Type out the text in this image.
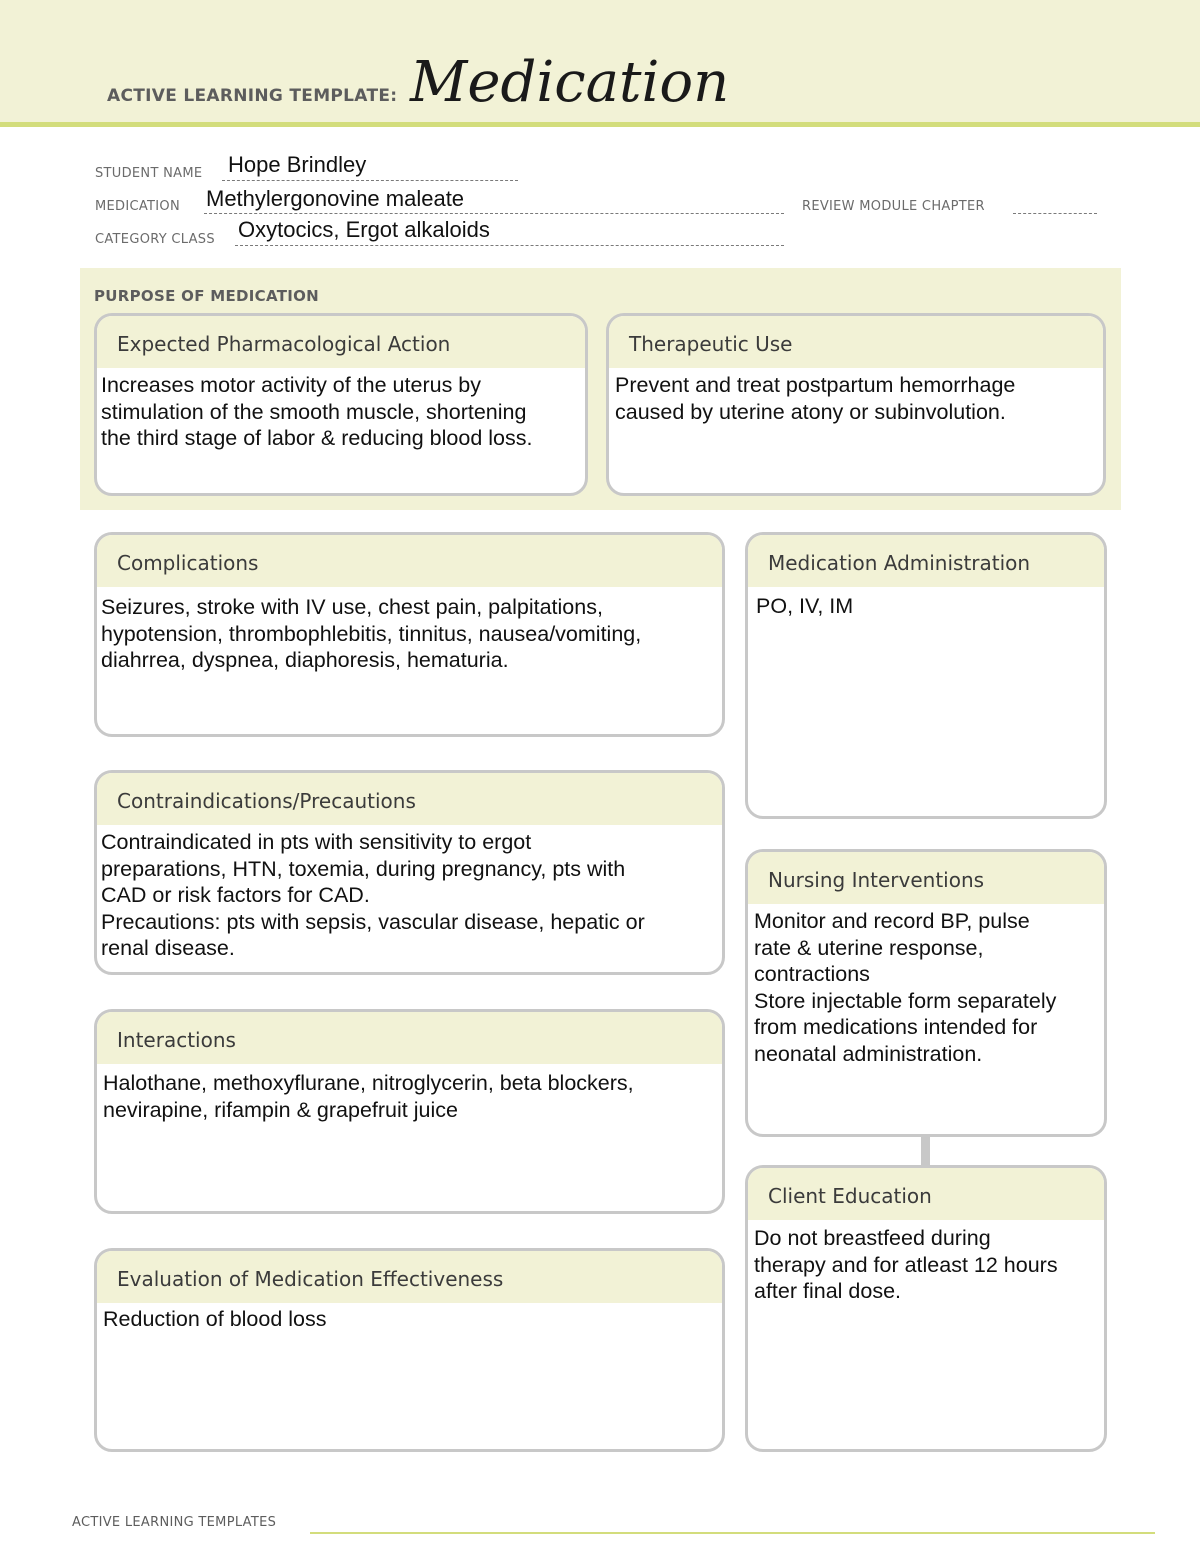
ACTIVE LEARNING TEMPLATE: Medication
STUDENT NAME Hope Brindley
MEDICATION Methylergonovine maleate	REVIEW MODULE CHAPTER
CATEGORY CLASS Oxytocics, Ergot alkaloids
PURPOSE OF MEDICATION
Expected Pharmacological Action

Increases motor activity of the uterus by

stimulation of the smooth muscle, shortening

the third stage of labor & reducing blood loss.

Therapeutic Use

Prevent and treat postpartum hemorrhage

caused by uterine atony or subinvolution.

Complications

Seizures, stroke with IV use, chest pain, palpitations,

hypotension, thrombophlebitis, tinnitus, nausea/vomiting,

diahrrea, dyspnea, diaphoresis, hematuria.

Medication Administration

PO, IV, IM

Contraindications/Precautions

Contraindicated in pts with sensitivity to ergot

preparations, HTN, toxemia, during pregnancy, pts with

CAD or risk factors for CAD.

Precautions: pts with sepsis, vascular disease, hepatic or

renal disease.

Nursing Interventions

Monitor and record BP, pulse

rate & uterine response,

contractions

Store injectable form separately

from medications intended for

neonatal administration.

Interactions

Halothane, methoxyflurane, nitroglycerin, beta blockers,

nevirapine, rifampin & grapefruit juice

Client Education

Do not breastfeed during

therapy and for atleast 12 hours

after final dose.

Evaluation of Medication Effectiveness

Reduction of blood loss

ACTIVE LEARNING TEMPLATES
